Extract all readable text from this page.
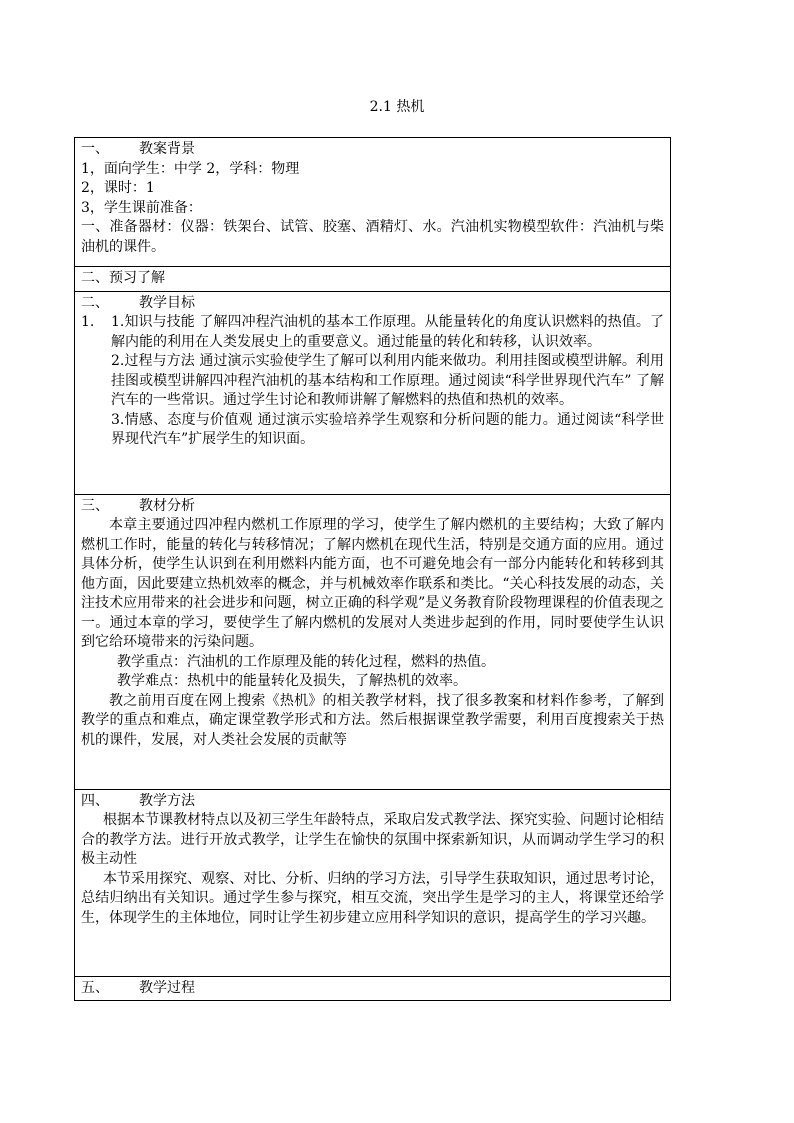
2.1 热机
一、 教案背景
1，面向学生：中学 2，学科：物理
2，课时：1
3，学生课前准备：
一、准备器材：仪器：铁架台、试管、胶塞、酒精灯、水。汽油机实物模型软件：汽油机与柴油机的课件。

二、预习了解

二、 教学目标
1. 1.知识与技能 了解四冲程汽油机的基本工作原理。从能量转化的角度认识燃料的热值。了解内能的利用在人类发展史上的重要意义。通过能量的转化和转移，认识效率。
2.过程与方法 通过演示实验使学生了解可以利用内能来做功。利用挂图或模型讲解。利用挂图或模型讲解四冲程汽油机的基本结构和工作原理。通过阅读“科学世界现代汽车” 了解汽车的一些常识。通过学生讨论和教师讲解了解燃料的热值和热机的效率。
3.情感、态度与价值观 通过演示实验培养学生观察和分析问题的能力。通过阅读“科学世界现代汽车”扩展学生的知识面。

三、 教材分析
本章主要通过四冲程内燃机工作原理的学习，使学生了解内燃机的主要结构；大致了解内燃机工作时，能量的转化与转移情况；了解内燃机在现代生活，特别是交通方面的应用。通过具体分析，使学生认识到在利用燃料内能方面，也不可避免地会有一部分内能转化和转移到其他方面，因此要建立热机效率的概念，并与机械效率作联系和类比。“关心科技发展的动态，关注技术应用带来的社会进步和问题，树立正确的科学观”是义务教育阶段物理课程的价值表现之一。通过本章的学习，要使学生了解内燃机的发展对人类进步起到的作用，同时要使学生认识到它给环境带来的污染问题。
教学重点：汽油机的工作原理及能的转化过程，燃料的热值。
教学难点：热机中的能量转化及损失，了解热机的效率。
教之前用百度在网上搜索《热机》的相关教学材料，找了很多教案和材料作参考，了解到教学的重点和难点，确定课堂教学形式和方法。然后根据课堂教学需要，利用百度搜索关于热机的课件，发展，对人类社会发展的贡献等

四、 教学方法
根据本节课教材特点以及初三学生年龄特点，采取启发式教学法、探究实验、问题讨论相结合的教学方法。进行开放式教学，让学生在愉快的氛围中探索新知识，从而调动学生学习的积极主动性
本节采用探究、观察、对比、分析、归纳的学习方法，引导学生获取知识，通过思考讨论，总结归纳出有关知识。通过学生参与探究，相互交流，突出学生是学习的主人，将课堂还给学生，体现学生的主体地位，同时让学生初步建立应用科学知识的意识，提高学生的学习兴趣。

五、 教学过程
